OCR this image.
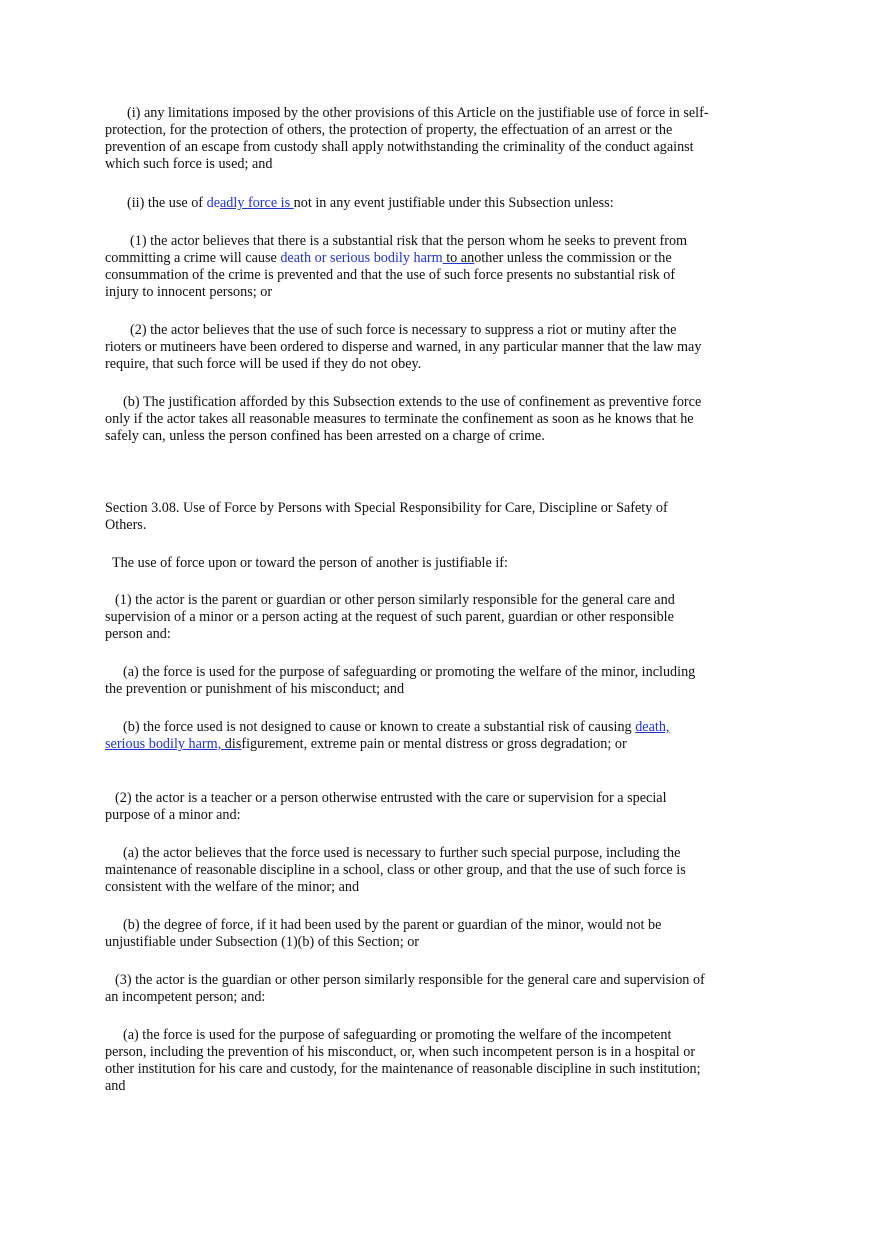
(i) any limitations imposed by the other provisions of this Article on the justifiable use of force in self-protection, for the protection of others, the protection of property, the effectuation of an arrest or the prevention of an escape from custody shall apply notwithstanding the criminality of the conduct against which such force is used; and

(ii) the use of deadly force is not in any event justifiable under this Subsection unless:

(1) the actor believes that there is a substantial risk that the person whom he seeks to prevent from committing a crime will cause death or serious bodily harm to another unless the commission or the consummation of the crime is prevented and that the use of such force presents no substantial risk of injury to innocent persons; or

(2) the actor believes that the use of such force is necessary to suppress a riot or mutiny after the rioters or mutineers have been ordered to disperse and warned, in any particular manner that the law may require, that such force will be used if they do not obey.

(b) The justification afforded by this Subsection extends to the use of confinement as preventive force only if the actor takes all reasonable measures to terminate the confinement as soon as he knows that he safely can, unless the person confined has been arrested on a charge of crime.

Section 3.08. Use of Force by Persons with Special Responsibility for Care, Discipline or Safety of Others.

The use of force upon or toward the person of another is justifiable if:

(1) the actor is the parent or guardian or other person similarly responsible for the general care and supervision of a minor or a person acting at the request of such parent, guardian or other responsible person and:

(a) the force is used for the purpose of safeguarding or promoting the welfare of the minor, including the prevention or punishment of his misconduct; and

(b) the force used is not designed to cause or known to create a substantial risk of causing death, serious bodily harm, disfigurement, extreme pain or mental distress or gross degradation; or

(2) the actor is a teacher or a person otherwise entrusted with the care or supervision for a special purpose of a minor and:

(a) the actor believes that the force used is necessary to further such special purpose, including the maintenance of reasonable discipline in a school, class or other group, and that the use of such force is consistent with the welfare of the minor; and

(b) the degree of force, if it had been used by the parent or guardian of the minor, would not be unjustifiable under Subsection (1)(b) of this Section; or

(3) the actor is the guardian or other person similarly responsible for the general care and supervision of an incompetent person; and:

(a) the force is used for the purpose of safeguarding or promoting the welfare of the incompetent person, including the prevention of his misconduct, or, when such incompetent person is in a hospital or other institution for his care and custody, for the maintenance of reasonable discipline in such institution; and
